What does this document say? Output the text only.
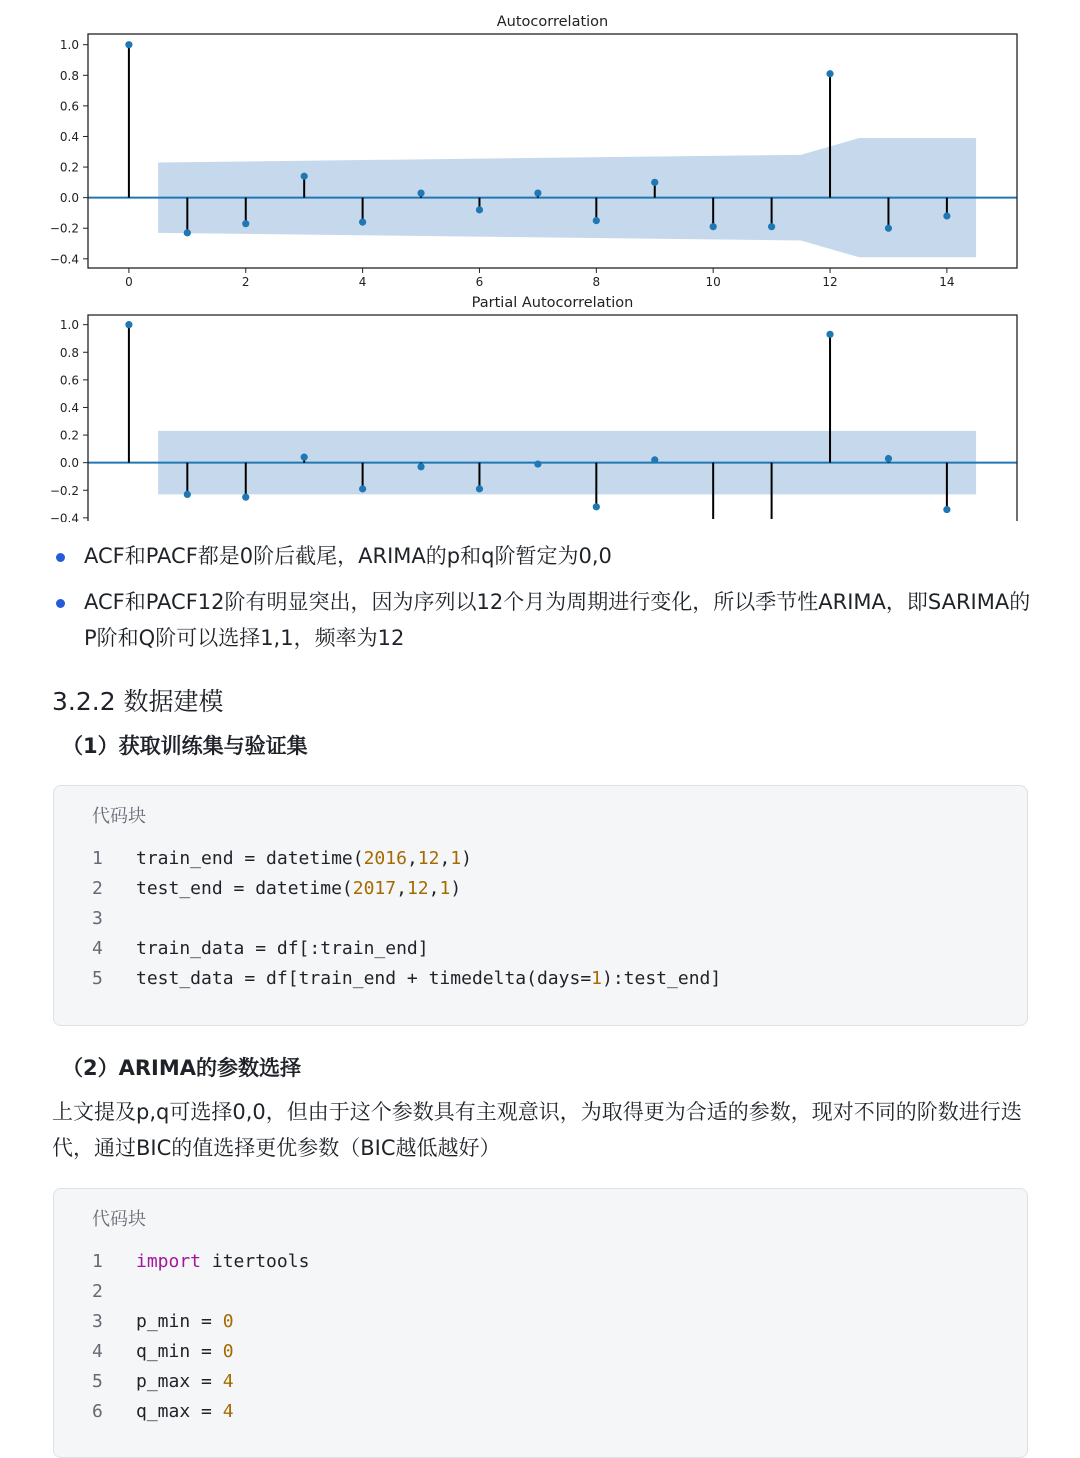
Autocorrelation
1.0
0.8
0.6
0.4
0.2
0.0
−0.2
−0.4
0	2	4	6	8	10	12	14
Partial Autocorrelation
1.0
0.8
0.6
0.4
0.2
0.0
−0.2
−0.4
ACF和PACF都是0阶后截尾，ARIMA的p和q阶暂定为0,0
ACF和PACF12阶有明显突出，因为序列以12个月为周期进行变化，所以季节性ARIMA，即SARIMA的P阶和Q阶可以选择1,1，频率为12
3.2.2 数据建模
（1）获取训练集与验证集
代码块
1 train_end = datetime(2016,12,1)
2 test_end = datetime(2017,12,1)
3
4 train_data = df[:train_end]
5 test_data = df[train_end + timedelta(days=1):test_end]
（2）ARIMA的参数选择

上文提及p,q可选择0,0，但由于这个参数具有主观意识，为取得更为合适的参数，现对不同的阶数进行迭代，通过BIC的值选择更优参数（BIC越低越好）

代码块
1 import itertools
2
3 p_min = 0
4 q_min = 0
5 p_max = 4
6 q_max = 4
